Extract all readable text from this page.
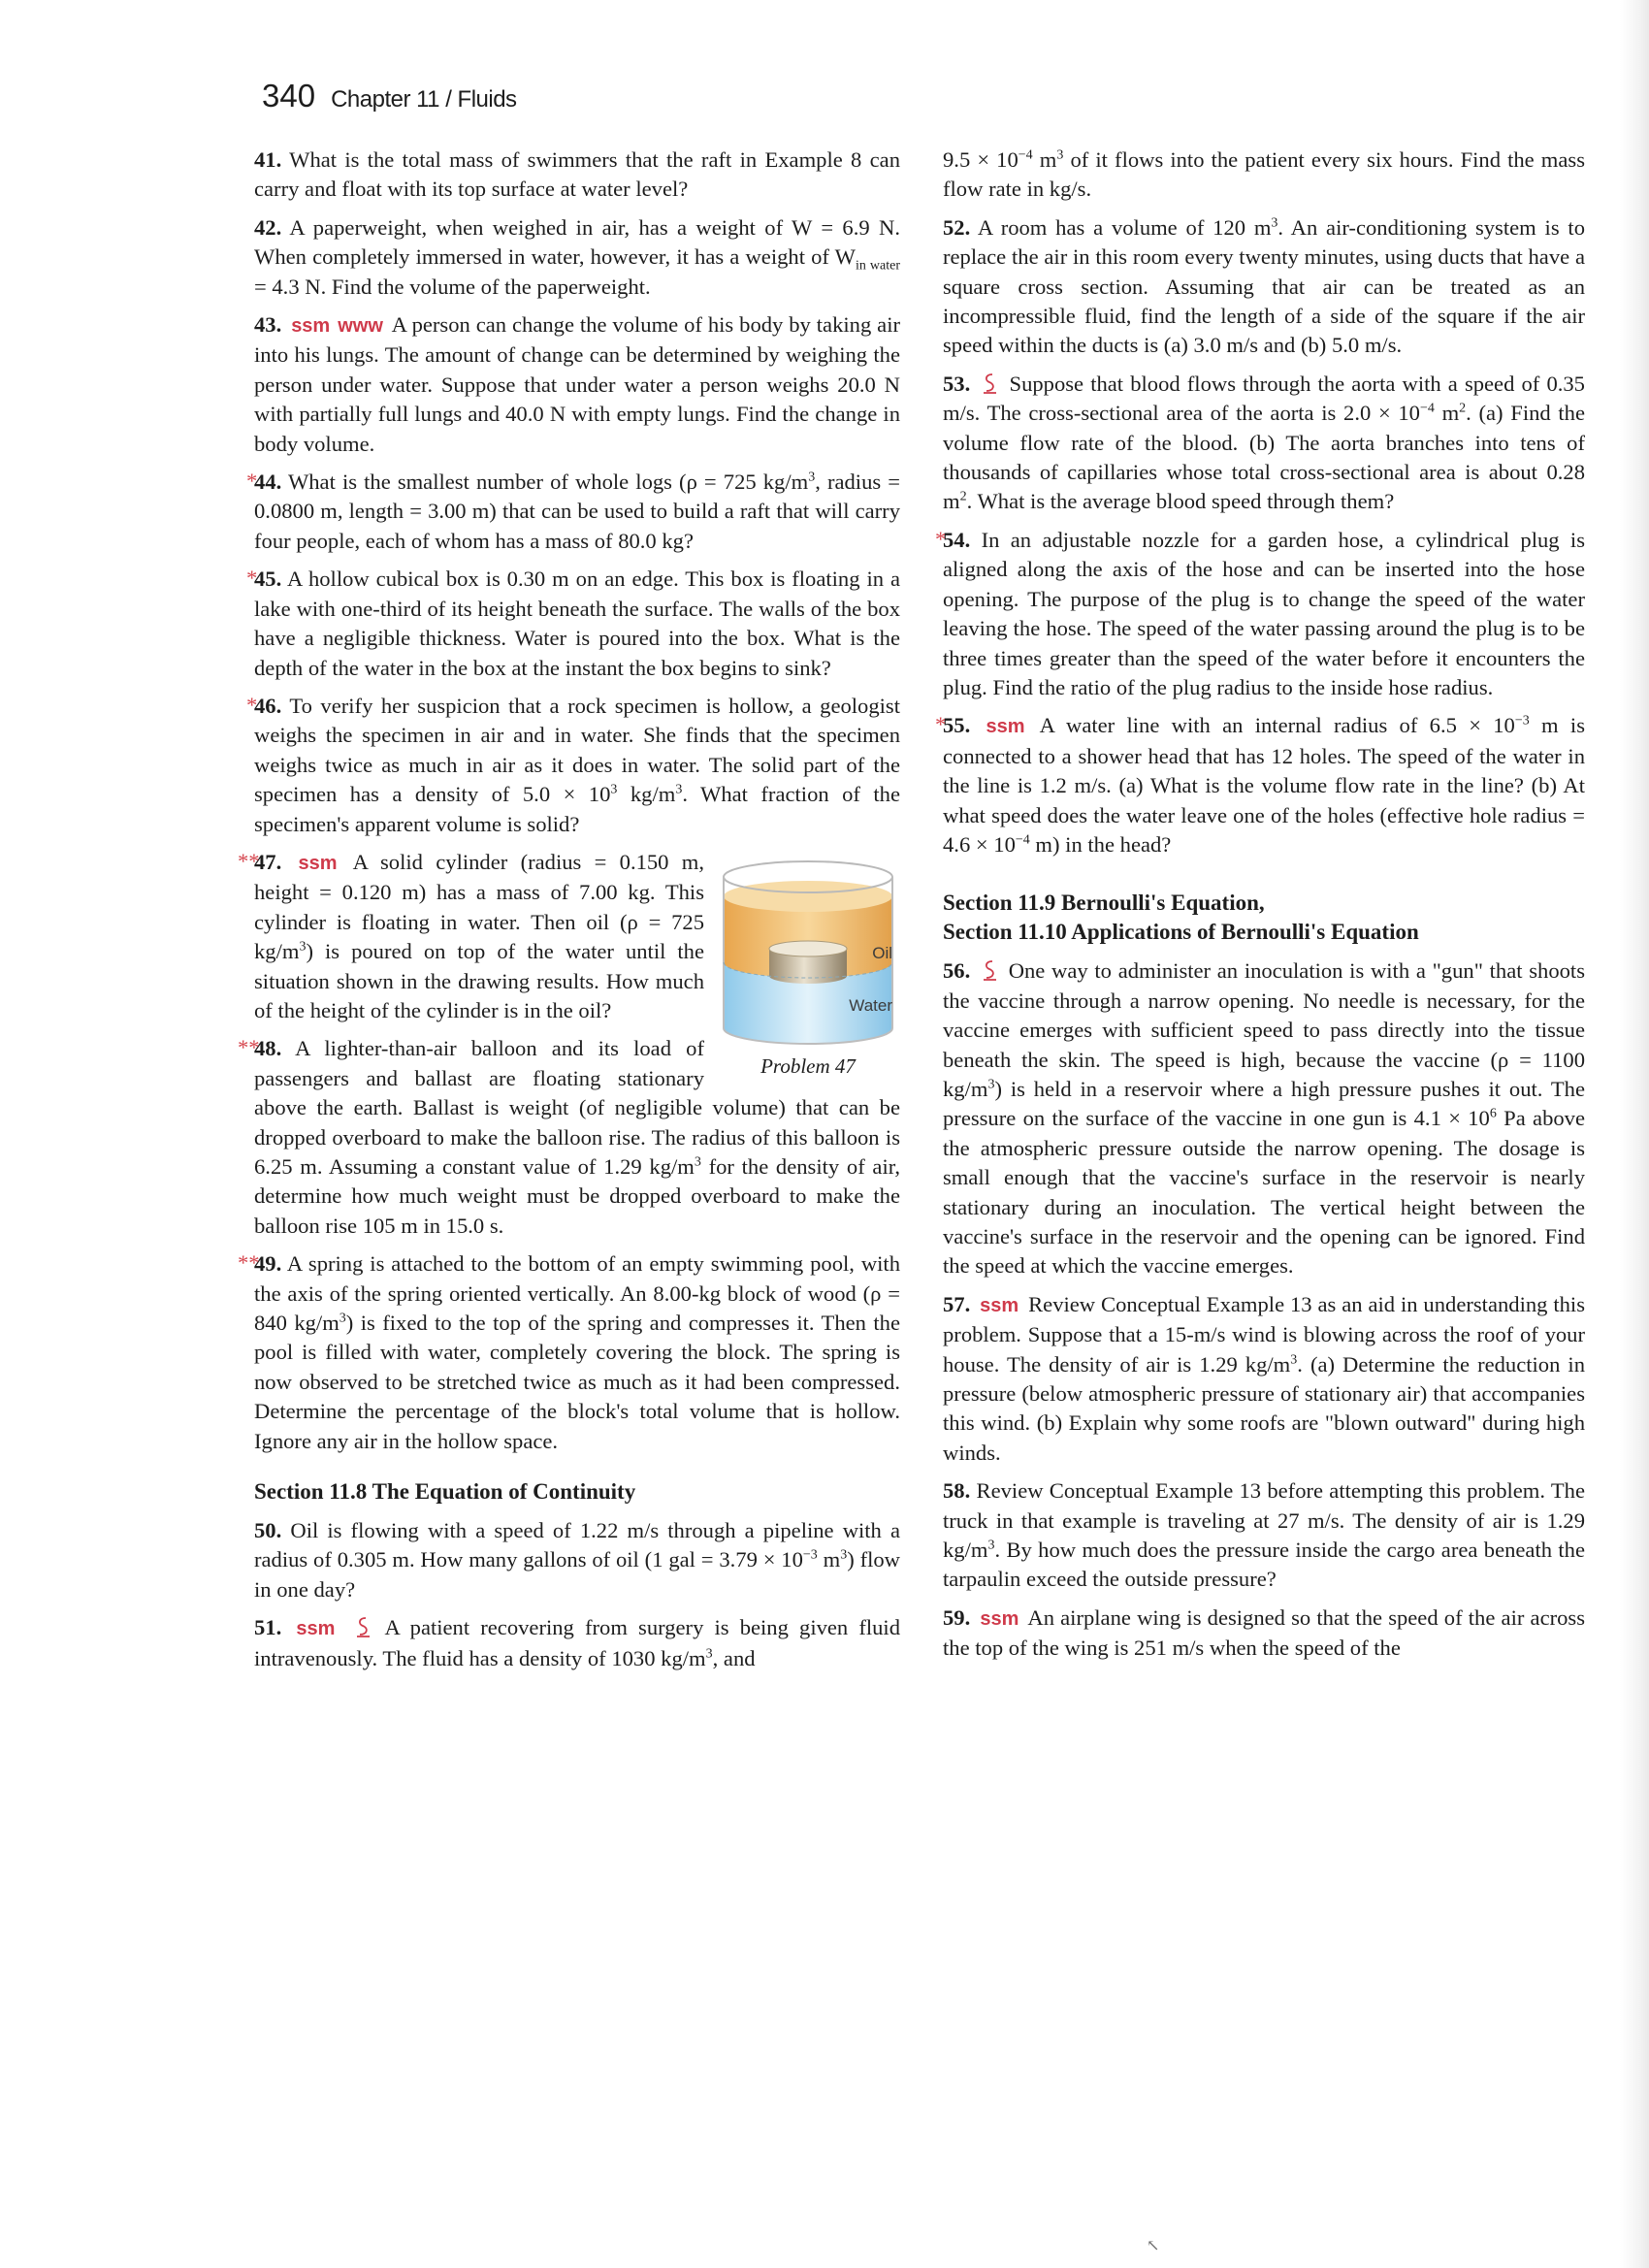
340 Chapter 11 / Fluids

41. What is the total mass of swimmers that the raft in Example 8 can carry and float with its top surface at water level?

42. A paperweight, when weighed in air, has a weight of W = 6.9 N. When completely immersed in water, however, it has a weight of $W_{in water} = 4.3$ N. Find the volume of the paperweight.

43. ssm www A person can change the volume of his body by taking air into his lungs. The amount of change can be determined by weighing the person under water. Suppose that under water a person weighs 20.0 N with partially full lungs and 40.0 N with empty lungs. Find the change in body volume.

*44. What is the smallest number of whole logs (ρ = 725 $kg/m^3$, radius = 0.0800 m, length = 3.00 m) that can be used to build a raft that will carry four people, each of whom has a mass of 80.0 kg?

*45. A hollow cubical box is 0.30 m on an edge. This box is floating in a lake with one-third of its height beneath the surface. The walls of the box have a negligible thickness. Water is poured into the box. What is the depth of the water in the box at the instant the box begins to sink?

*46. To verify her suspicion that a rock specimen is hollow, a geologist weighs the specimen in air and in water. She finds that the specimen weighs twice as much in air as it does in water. The solid part of the specimen has a density of $5.0 \times 10^3$ $kg/m^3$. What fraction of the specimen's apparent volume is solid?

Oil
Water
Problem 47

**47. ssm A solid cylinder (radius = 0.150 m, height = 0.120 m) has a mass of 7.00 kg. This cylinder is floating in water. Then oil (ρ = 725 $kg/m^3$) is poured on top of the water until the situation shown in the drawing results. How much of the height of the cylinder is in the oil?

**48. A lighter-than-air balloon and its load of passengers and ballast are floating stationary above the earth. Ballast is weight (of negligible volume) that can be dropped overboard to make the balloon rise. The radius of this balloon is 6.25 m. Assuming a constant value of 1.29 $kg/m^3$ for the density of air, determine how much weight must be dropped overboard to make the balloon rise 105 m in 15.0 s.

**49. A spring is attached to the bottom of an empty swimming pool, with the axis of the spring oriented vertically. An 8.00-kg block of wood (ρ = 840 $kg/m^3$) is fixed to the top of the spring and compresses it. Then the pool is filled with water, completely covering the block. The spring is now observed to be stretched twice as much as it had been compressed. Determine the percentage of the block's total volume that is hollow. Ignore any air in the hollow space.

Section 11.8 The Equation of Continuity

50. Oil is flowing with a speed of 1.22 m/s through a pipeline with a radius of 0.305 m. How many gallons of oil (1 gal = $3.79 \times 10^{-3}$ $m^3$) flow in one day?

51. ssm A patient recovering from surgery is being given fluid intravenously. The fluid has a density of 1030 $kg/m^3$, and

$9.5 \times 10^{-4}$ $m^3$ of it flows into the patient every six hours. Find the mass flow rate in kg/s.

52. A room has a volume of 120 $m^3$. An air-conditioning system is to replace the air in this room every twenty minutes, using ducts that have a square cross section. Assuming that air can be treated as an incompressible fluid, find the length of a side of the square if the air speed within the ducts is (a) 3.0 m/s and (b) 5.0 m/s.

53. Suppose that blood flows through the aorta with a speed of 0.35 m/s. The cross-sectional area of the aorta is $2.0 \times 10^{-4}$ $m^2$. (a) Find the volume flow rate of the blood. (b) The aorta branches into tens of thousands of capillaries whose total cross-sectional area is about 0.28 $m^2$. What is the average blood speed through them?

*54. In an adjustable nozzle for a garden hose, a cylindrical plug is aligned along the axis of the hose and can be inserted into the hose opening. The purpose of the plug is to change the speed of the water leaving the hose. The speed of the water passing around the plug is to be three times greater than the speed of the water before it encounters the plug. Find the ratio of the plug radius to the inside hose radius.

*55. ssm A water line with an internal radius of $6.5 \times 10^{-3}$ m is connected to a shower head that has 12 holes. The speed of the water in the line is 1.2 m/s. (a) What is the volume flow rate in the line? (b) At what speed does the water leave one of the holes (effective hole radius = $4.6 \times 10^{-4}$ m) in the head?

Section 11.9 Bernoulli's Equation,
Section 11.10 Applications of Bernoulli's Equation

56. One way to administer an inoculation is with a "gun" that shoots the vaccine through a narrow opening. No needle is necessary, for the vaccine emerges with sufficient speed to pass directly into the tissue beneath the skin. The speed is high, because the vaccine (ρ = 1100 $kg/m^3$) is held in a reservoir where a high pressure pushes it out. The pressure on the surface of the vaccine in one gun is $4.1 \times 10^6$ Pa above the atmospheric pressure outside the narrow opening. The dosage is small enough that the vaccine's surface in the reservoir is nearly stationary during an inoculation. The vertical height between the vaccine's surface in the reservoir and the opening can be ignored. Find the speed at which the vaccine emerges.

57. ssm Review Conceptual Example 13 as an aid in understanding this problem. Suppose that a 15-m/s wind is blowing across the roof of your house. The density of air is 1.29 $kg/m^3$. (a) Determine the reduction in pressure (below atmospheric pressure of stationary air) that accompanies this wind. (b) Explain why some roofs are "blown outward" during high winds.

58. Review Conceptual Example 13 before attempting this problem. The truck in that example is traveling at 27 m/s. The density of air is 1.29 $kg/m^3$. By how much does the pressure inside the cargo area beneath the tarpaulin exceed the outside pressure?

59. ssm An airplane wing is designed so that the speed of the air across the top of the wing is 251 m/s when the speed of the

↖
